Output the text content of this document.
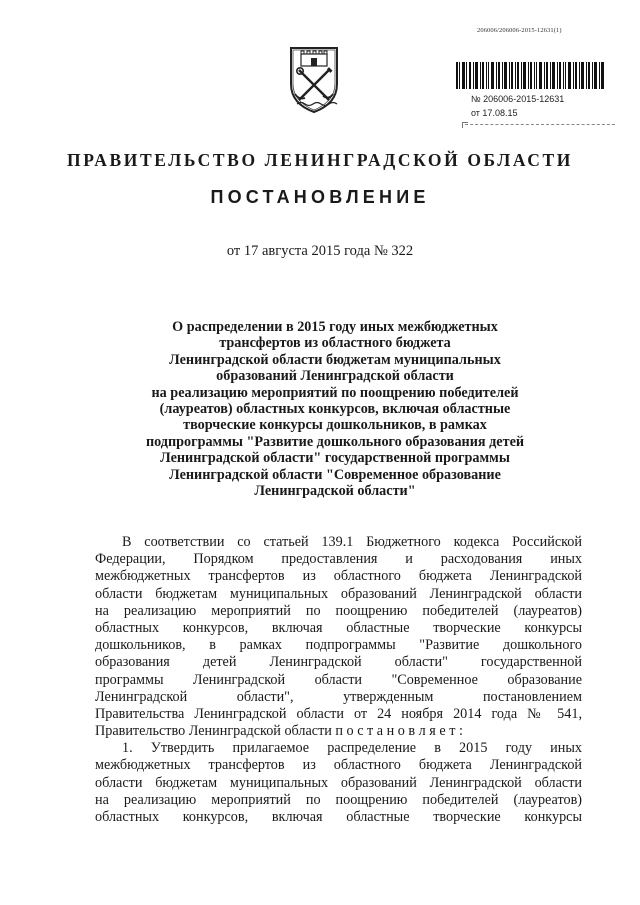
206006/206006-2015-12631(1)
№ 206006-2015-12631
от 17.08.15
ПРАВИТЕЛЬСТВО ЛЕНИНГРАДСКОЙ ОБЛАСТИ
ПОСТАНОВЛЕНИЕ
от 17 августа 2015 года № 322
О распределении в 2015 году иных межбюджетных
трансфертов из областного бюджета
Ленинградской области бюджетам муниципальных
образований Ленинградской области
на реализацию мероприятий по поощрению победителей
(лауреатов) областных конкурсов, включая областные
творческие конкурсы дошкольников, в рамках
подпрограммы "Развитие дошкольного образования детей
Ленинградской области" государственной программы
Ленинградской области "Современное образование
Ленинградской области"
В соответствии со статьей 139.1 Бюджетного кодекса Российской
Федерации, Порядком предоставления и расходования иных
межбюджетных трансфертов из областного бюджета Ленинградской
области бюджетам муниципальных образований Ленинградской области
на реализацию мероприятий по поощрению победителей (лауреатов)
областных конкурсов, включая областные творческие конкурсы
дошкольников, в рамках подпрограммы "Развитие дошкольного
образования детей Ленинградской области" государственной
программы Ленинградской области "Современное образование
Ленинградской области", утвержденным постановлением
Правительства Ленинградской области от 24 ноября 2014 года № 541,
Правительство Ленинградской области п о с т а н о в л я е т :
1. Утвердить прилагаемое распределение в 2015 году иных
межбюджетных трансфертов из областного бюджета Ленинградской
области бюджетам муниципальных образований Ленинградской области
на реализацию мероприятий по поощрению победителей (лауреатов)
областных конкурсов, включая областные творческие конкурсы
